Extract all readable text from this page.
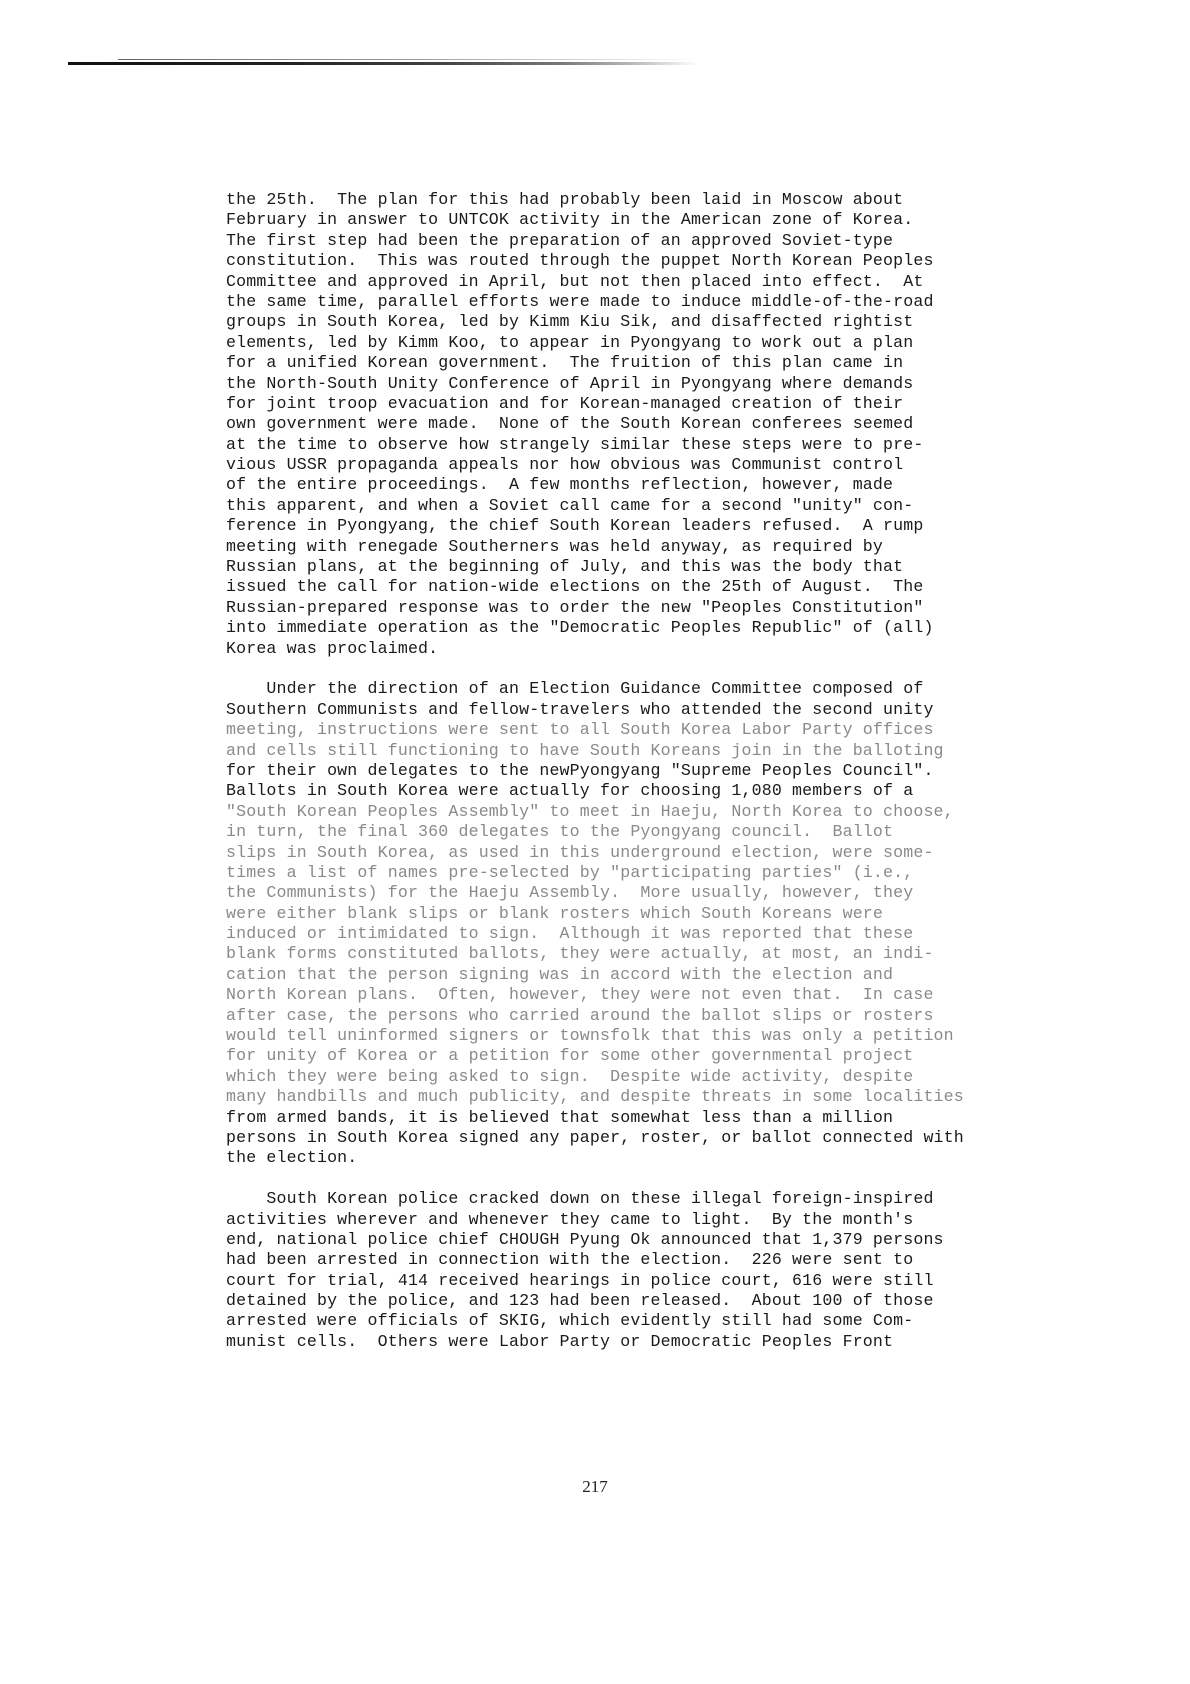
the 25th.  The plan for this had probably been laid in Moscow about
February in answer to UNTCOK activity in the American zone of Korea.
The first step had been the preparation of an approved Soviet-type
constitution.  This was routed through the puppet North Korean Peoples
Committee and approved in April, but not then placed into effect.  At
the same time, parallel efforts were made to induce middle-of-the-road
groups in South Korea, led by Kimm Kiu Sik, and disaffected rightist
elements, led by Kimm Koo, to appear in Pyongyang to work out a plan
for a unified Korean government.  The fruition of this plan came in
the North-South Unity Conference of April in Pyongyang where demands
for joint troop evacuation and for Korean-managed creation of their
own government were made.  None of the South Korean conferees seemed
at the time to observe how strangely similar these steps were to pre-
vious USSR propaganda appeals nor how obvious was Communist control
of the entire proceedings.  A few months reflection, however, made
this apparent, and when a Soviet call came for a second "unity" con-
ference in Pyongyang, the chief South Korean leaders refused.  A rump
meeting with renegade Southerners was held anyway, as required by
Russian plans, at the beginning of July, and this was the body that
issued the call for nation-wide elections on the 25th of August.  The
Russian-prepared response was to order the new "Peoples Constitution"
into immediate operation as the "Democratic Peoples Republic" of (all)
Korea was proclaimed.
Under the direction of an Election Guidance Committee composed of
Southern Communists and fellow-travelers who attended the second unity
meeting, instructions were sent to all South Korea Labor Party offices
and cells still functioning to have South Koreans join in the balloting
for their own delegates to the newPyongyang "Supreme Peoples Council".
Ballots in South Korea were actually for choosing 1,080 members of a
"South Korean Peoples Assembly" to meet in Haeju, North Korea to choose,
in turn, the final 360 delegates to the Pyongyang council.  Ballot
slips in South Korea, as used in this underground election, were some-
times a list of names pre-selected by "participating parties" (i.e.,
the Communists) for the Haeju Assembly.  More usually, however, they
were either blank slips or blank rosters which South Koreans were
induced or intimidated to sign.  Although it was reported that these
blank forms constituted ballots, they were actually, at most, an indi-
cation that the person signing was in accord with the election and
North Korean plans.  Often, however, they were not even that.  In case
after case, the persons who carried around the ballot slips or rosters
would tell uninformed signers or townsfolk that this was only a petition
for unity of Korea or a petition for some other governmental project
which they were being asked to sign.  Despite wide activity, despite
many handbills and much publicity, and despite threats in some localities
from armed bands, it is believed that somewhat less than a million
persons in South Korea signed any paper, roster, or ballot connected with
the election.
South Korean police cracked down on these illegal foreign-inspired
activities wherever and whenever they came to light.  By the month's
end, national police chief CHOUGH Pyung Ok announced that 1,379 persons
had been arrested in connection with the election.  226 were sent to
court for trial, 414 received hearings in police court, 616 were still
detained by the police, and 123 had been released.  About 100 of those
arrested were officials of SKIG, which evidently still had some Com-
munist cells.  Others were Labor Party or Democratic Peoples Front
217
